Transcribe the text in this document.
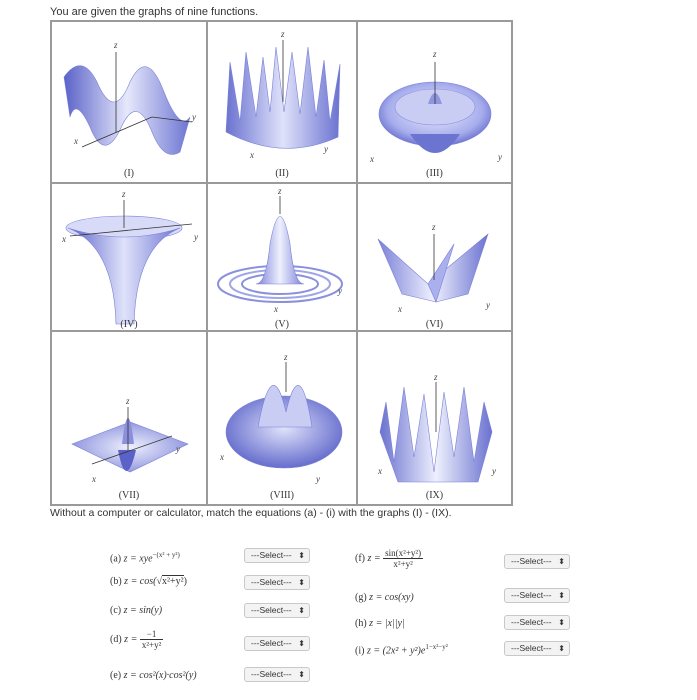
You are given the graphs of nine functions.
z
x
y
(I)
z
x
y
(II)
z
x	y
(III)
z
x	y
(IV)
z
x
y
(V)
z
x	y
(VI)
z
x
y
(VII)
z
x
y
(VIII)
z
x	y
(IX)
Without a computer or calculator, match the equations (a) - (i) with the graphs (I) - (IX).
(a) z = xye$^{-(x^2 + y^2)}$	---Select--- ⬍
(b) z = cos(√x²+y²)	---Select--- ⬍
(c) z = sin(y)	---Select--- ⬍
(d) $z = \frac{-1}{\text{x²+y²}}$	---Select--- ⬍
(e) z = cos²(x)·cos²(y)	---Select--- ⬍
(f) $z = \frac{\text{sin(x²+y²)}}{\text{x²+y²}}$	---Select--- ⬍
(g) z = cos(xy)	---Select--- ⬍
(h) z = |x||y|	---Select--- ⬍
(i) $z = (2x^2 + y^2)e^{1-x^2-y^2}$	---Select--- ⬍
